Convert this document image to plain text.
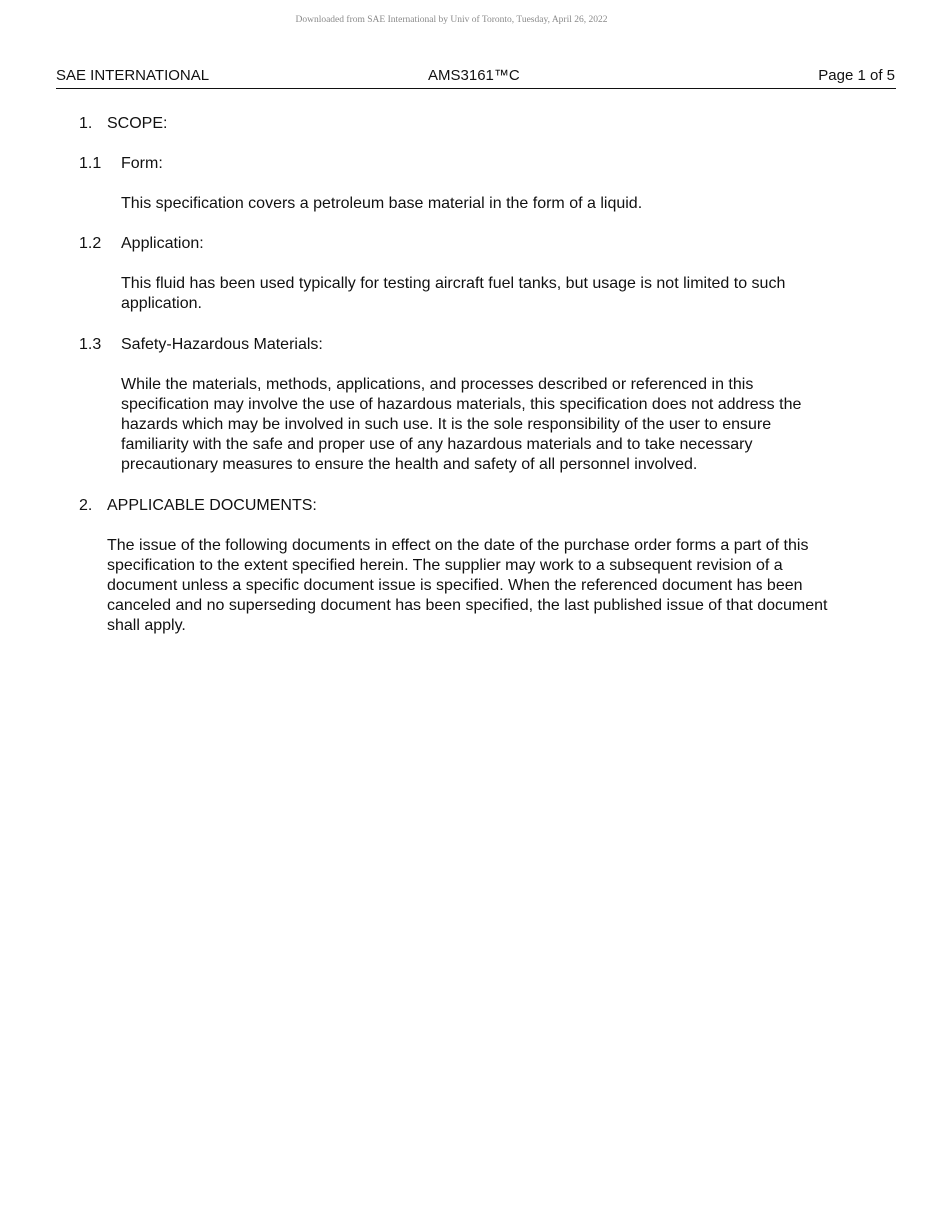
Downloaded from SAE International by Univ of Toronto, Tuesday, April 26, 2022
SAE INTERNATIONAL	AMS3161™C	Page 1 of 5
1. SCOPE:
1.1 Form:

This specification covers a petroleum base material in the form of a liquid.

1.2 Application:

This fluid has been used typically for testing aircraft fuel tanks, but usage is not limited to such
application.

1.3 Safety-Hazardous Materials:

While the materials, methods, applications, and processes described or referenced in this
specification may involve the use of hazardous materials, this specification does not address the
hazards which may be involved in such use. It is the sole responsibility of the user to ensure
familiarity with the safe and proper use of any hazardous materials and to take necessary
precautionary measures to ensure the health and safety of all personnel involved.

2. APPLICABLE DOCUMENTS:

The issue of the following documents in effect on the date of the purchase order forms a part of this
specification to the extent specified herein. The supplier may work to a subsequent revision of a
document unless a specific document issue is specified. When the referenced document has been
canceled and no superseding document has been specified, the last published issue of that document
shall apply.
